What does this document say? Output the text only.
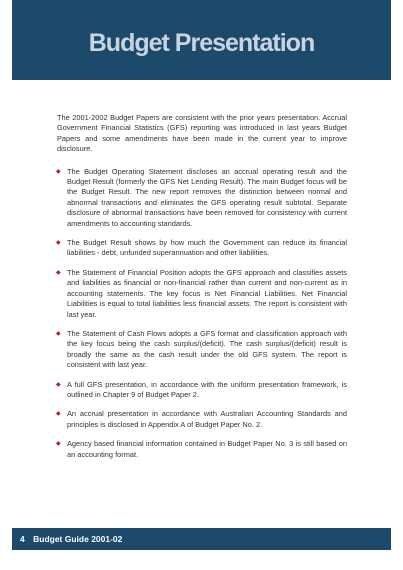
Budget Presentation

The 2001-2002 Budget Papers are consistent with the prior years presentation. Accrual Government Financial Statistics (GFS) reporting was introduced in last years Budget Papers and some amendments have been made in the current year to improve disclosure.

◆ The Budget Operating Statement discloses an accrual operating result and the Budget Result (formerly the GFS Net Lending Result). The main Budget focus will be the Budget Result. The new report removes the distinction between normal and abnormal transactions and eliminates the GFS operating result subtotal. Separate disclosure of abnormal transactions have been removed for consistency with current amendments to accounting standards.
◆ The Budget Result shows by how much the Government can reduce its financial liabilities - debt, unfunded superannuation and other liabilities.
◆ The Statement of Financial Position adopts the GFS approach and classifies assets and liabilities as financial or non-financial rather than current and non-current as in accounting statements. The key focus is Net Financial Liabilities. Net Financial Liabilities is equal to total liabilities less financial assets. The report is consistent with last year.
◆ The Statement of Cash Flows adopts a GFS format and classification approach with the key focus being the cash surplus/(deficit). The cash surplus/(deficit) result is broadly the same as the cash result under the old GFS system. The report is consistent with last year.
◆ A full GFS presentation, in accordance with the uniform presentation framework, is outlined in Chapter 9 of Budget Paper 2.
◆ An accrual presentation in accordance with Australian Accounting Standards and principles is disclosed in Appendix A of Budget Paper No. 2.
◆ Agency based financial information contained in Budget Paper No. 3 is still based on an accounting format.
4 Budget Guide 2001-02
